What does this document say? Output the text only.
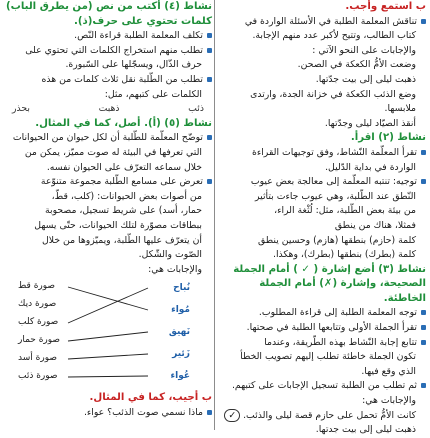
ب استمع وأجب.
تناقش المعلمة الطلبة في الأسئلة الواردة في
كتاب الطالب، وتتيح لأكبر عدد منهم الإجابة.
والإجابات على النحو الآتي :
وضعت الأمُّ الكعكة في الصحن.
ذهبت ليلى إلى بيت جدّتها.
وضع الذئب الكعكة في خزانة الجدة، وارتدى ملابسها.
أنقذ الصيّاد ليلى وجدّتها.
نشاط (٢) اقرأ.
تقرأ المعلّمة النّشاط، وفق توجيهات القراءة
الواردة في بداية الدّليل.
توجيه: تنتبه المعلّمة إلى معالجة بعض عيوب
النّطق عند الطّلبة، وهي عيوب جاءت بتأثير
من بيئة بعض الطّلبة، مثل: لُثْغة الراء،
فمثلا، هناك من ينطق
كلمة (حازم) بنطقها (هازم) وحسين ينطق
كلمة (بطرك) بنطقها (بطرك)، وهكذا.
نشاط (٣) أضع إشارة ( ✓ ) أمام الجملة
الصحيحة، وإشارة (✗) أمام الجملة الخاطئة.
توجه المعلمة الطلبة إلى قراءة المطلوب.
تقرأ الجملة الأولى وتتابعها الطلبة في صحتها.
تتابع إجابة النّشاط بهذه الطّريقة، وعندما
تكون الجملة خاطئة تطلب إليهم تصويب الخطأ
الذي وقع فيها.
ثم تطلب من الطلبة تسجيل الإجابات على كتبهم.
والإجابات هي:
كانت الأمُّ تحمل على حازم قصة ليلى والذئب. ✓
ذهبت ليلى إلى بيت جدتها.
نشاط (٤) أكتب من نص (من يطرق الباب)
كلمات تحتوي على حرف(ذ).
تكلف المعلمة الطلبة قراءة النّص.
تطلب منهم استخراج الكلمات التي تحتوي على
حرف الذّال، ويسجّلها على السّبورة.
تطلب من الطّلبة نقل ثلاث كلمات من هذه
الكلمات على كتبهم، مثل:
ذئب
ذهبت
بحذر
نشاط (٥) (أ). أصل، كما في المثال.
توضّح المعلّمة للطّلبة أن لكل حيوان من الحيوانات
التي تعرفها في البيئة له صوت مميّز، يمكن من
خلال سماعه التعرّف على الحيوان نفسه.
تعرض على مسامع الطّلبة مجموعة متنوّعة
من أصوات بعض الحيوانات: (كلب، قطّ،
حمار، أسد) على شريط تسجيل، مصحوبة
ببطاقات مصوّرة لتلك الحيوانات، حتّى يسهل
أن يتعرّف عليها الطّلبة، ويميّزوها من خلال
الصّوت والشّكل.
والإجابات هي:
نُباح
مُواء
نَهيق
زَئير
عُواء
صورة قط
صورة ديك
صورة كلب
صورة حمار
صورة أسد
صورة ذئب
ب أجيب، كما في المثال.
ماذا نسمي صوت الذئب؟ عواء.
